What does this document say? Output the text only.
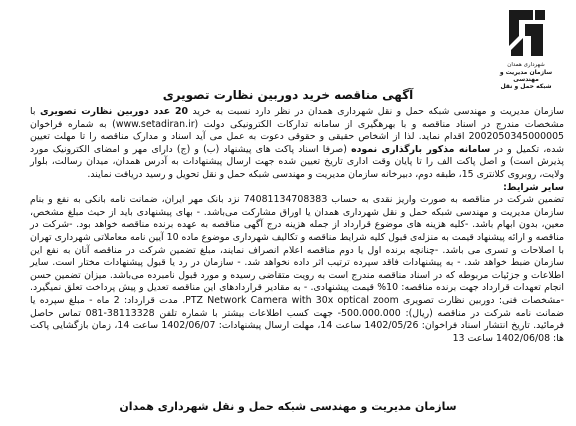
شهرداری همدان
سازمان مدیریت و مهندسی
شبکه حمل و نقل
آگهی مناقصه خرید دوربین نظارت تصویری

سازمان مدیریت و مهندسی شبکه حمل و نقل شهرداری همدان در نظر دارد نسبت به خرید 20 عدد دوربین نظارت تصویری با مشخصات مندرج در اسناد مناقصه و با بهرهگیری از سامانه تدارکات الکترونیکی دولت (www.setadiran.ir) به شماره فراخوان 2002050345000005 اقدام نماید. لذا از اشخاص حقیقی و حقوقی دعوت به عمل می آید اسناد و مدارک مناقصه را تا مهلت تعیین شده، تکمیل و در سامانه مذکور بارگذاری نموده (صرفا اسناد پاکت های پیشنهاد (ب) و (ج) دارای مهر و امضای الکترونیک مورد پذیرش است) و اصل پاکت الف را تا پایان وقت اداری تاریخ تعیین شده جهت ارسال پیشنهادات به آدرس همدان، میدان رسالت، بلوار ولایت، روبروی کلانتری 15، طبقه دوم، دبیرخانه سازمان مدیریت و مهندسی شبکه حمل و نقل تحویل و رسید دریافت نمایند.

سایر شرایط:

تضمین شرکت در مناقصه به صورت واریز نقدی به حساب 7408113470838З نزد بانک مهر ایران، ضمانت نامه بانکی به نفع و بنام سازمان مدیریت و مهندسی شبکه حمل و نقل شهرداری همدان یا اوراق مشارکت می‌باشد. - بهای پیشنهادی باید از حیث مبلغ مشخص، معین، بدون ابهام باشد. -کلیه هزینه های موضوع قرارداد از جمله هزینه درج آگهی مناقصه به عهده برنده مناقصه خواهد بود. -شرکت در مناقصه و ارائه پیشنهاد قیمت به منزله‌ی قبول کلیه شرایط مناقصه و تکالیف شهرداری موضوع ماده 10 آیین نامه معاملاتی شهرداری تهران با اصلاحات و تسری می باشد. -چنانچه برنده اول یا دوم مناقصه اعلام انصراف نمایند، مبلغ تضمین شرکت در مناقصه آنان به نفع این سازمان ضبط خواهد شد. - به پیشنهادات فاقد سپرده ترتیب اثر داده نخواهد شد. - سازمان در رد یا قبول پیشنهادات مختار است. سایر اطلاعات و جزئیات مربوطه که در اسناد مناقصه مندرج است به رویت متقاضی رسیده و مورد قبول نامبرده می‌باشد. میزان تضمین حسن انجام تعهدات قرارداد جهت برنده مناقصه: 10% قیمت پیشنهادی. - به مقادیر قراردادهای این مناقصه تعدیل و پیش پرداخت تعلق نمیگیرد. -مشخصات فنی: دوربین نظارت تصویری PTZ Network Camera with 30x optical zoom. مدت قرارداد: 2 ماه - مبلغ سپرده یا ضمانت نامه شرکت در مناقصه (ریال): 500.000.000- جهت کسب اطلاعات بیشتر با شماره تلفن 38113328-081 تماس حاصل فرمائید. تاریخ انتشار اسناد فراخوان: 1402/05/26 ساعت 14، مهلت ارسال پیشنهادات: 1402/06/07 ساعت 14، زمان بازگشایی پاکت ها: 1402/06/08 ساعت 13

سازمان مدیریت و مهندسی شبکه حمل و نقل شهرداری همدان
